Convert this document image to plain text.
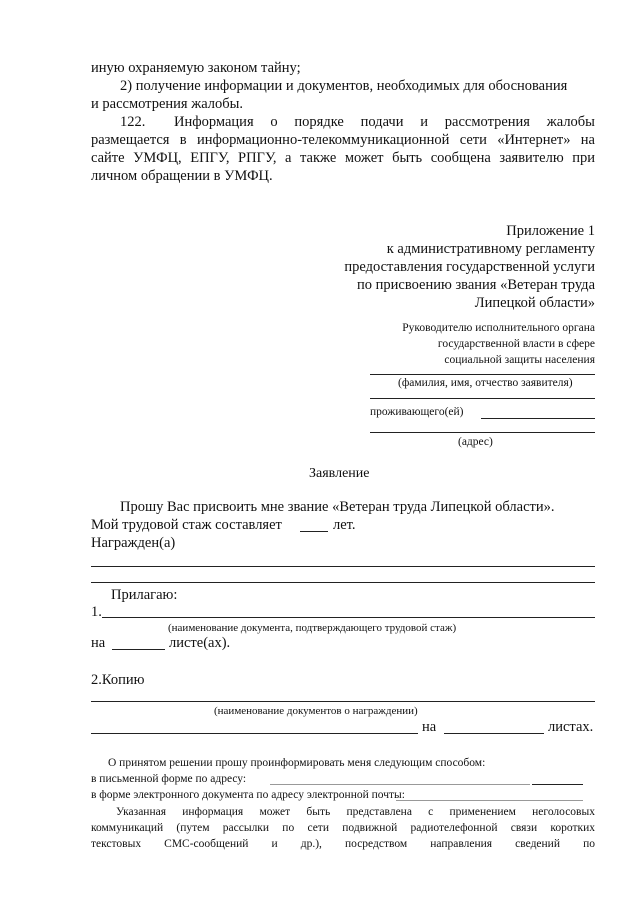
иную охраняемую законом тайну;
2) получение информации и документов, необходимых для обоснования
и рассмотрения жалобы.
122. Информация о порядке подачи и рассмотрения жалобы
размещается в информационно-телекоммуникационной сети «Интернет» на
сайте УМФЦ, ЕПГУ, РПГУ, а также может быть сообщена заявителю при
личном обращении в УМФЦ.
Приложение 1
к административному регламенту
предоставления государственной услуги
по присвоению звания «Ветеран труда
Липецкой области»
Руководителю исполнительного органа
государственной власти в сфере
социальной защиты населения
(фамилия, имя, отчество заявителя)
проживающего(ей)
(адрес)
Заявление
Прошу Вас присвоить мне звание «Ветеран труда Липецкой области».
Мой трудовой стаж составляет	лет.
Награжден(а)
Прилагаю:
1.
(наименование документа, подтверждающего трудовой стаж)
на	листе(ах).
2.Копию
(наименование документов о награждении)
на	листах.
О принятом решении прошу проинформировать меня следующим способом:
в письменной форме по адресу:
в форме электронного документа по адресу электронной почты:
Указанная информация может быть представлена с применением неголосовых
коммуникаций (путем рассылки по сети подвижной радиотелефонной связи коротких
текстовых СМС-сообщений и др.), посредством направления сведений по
